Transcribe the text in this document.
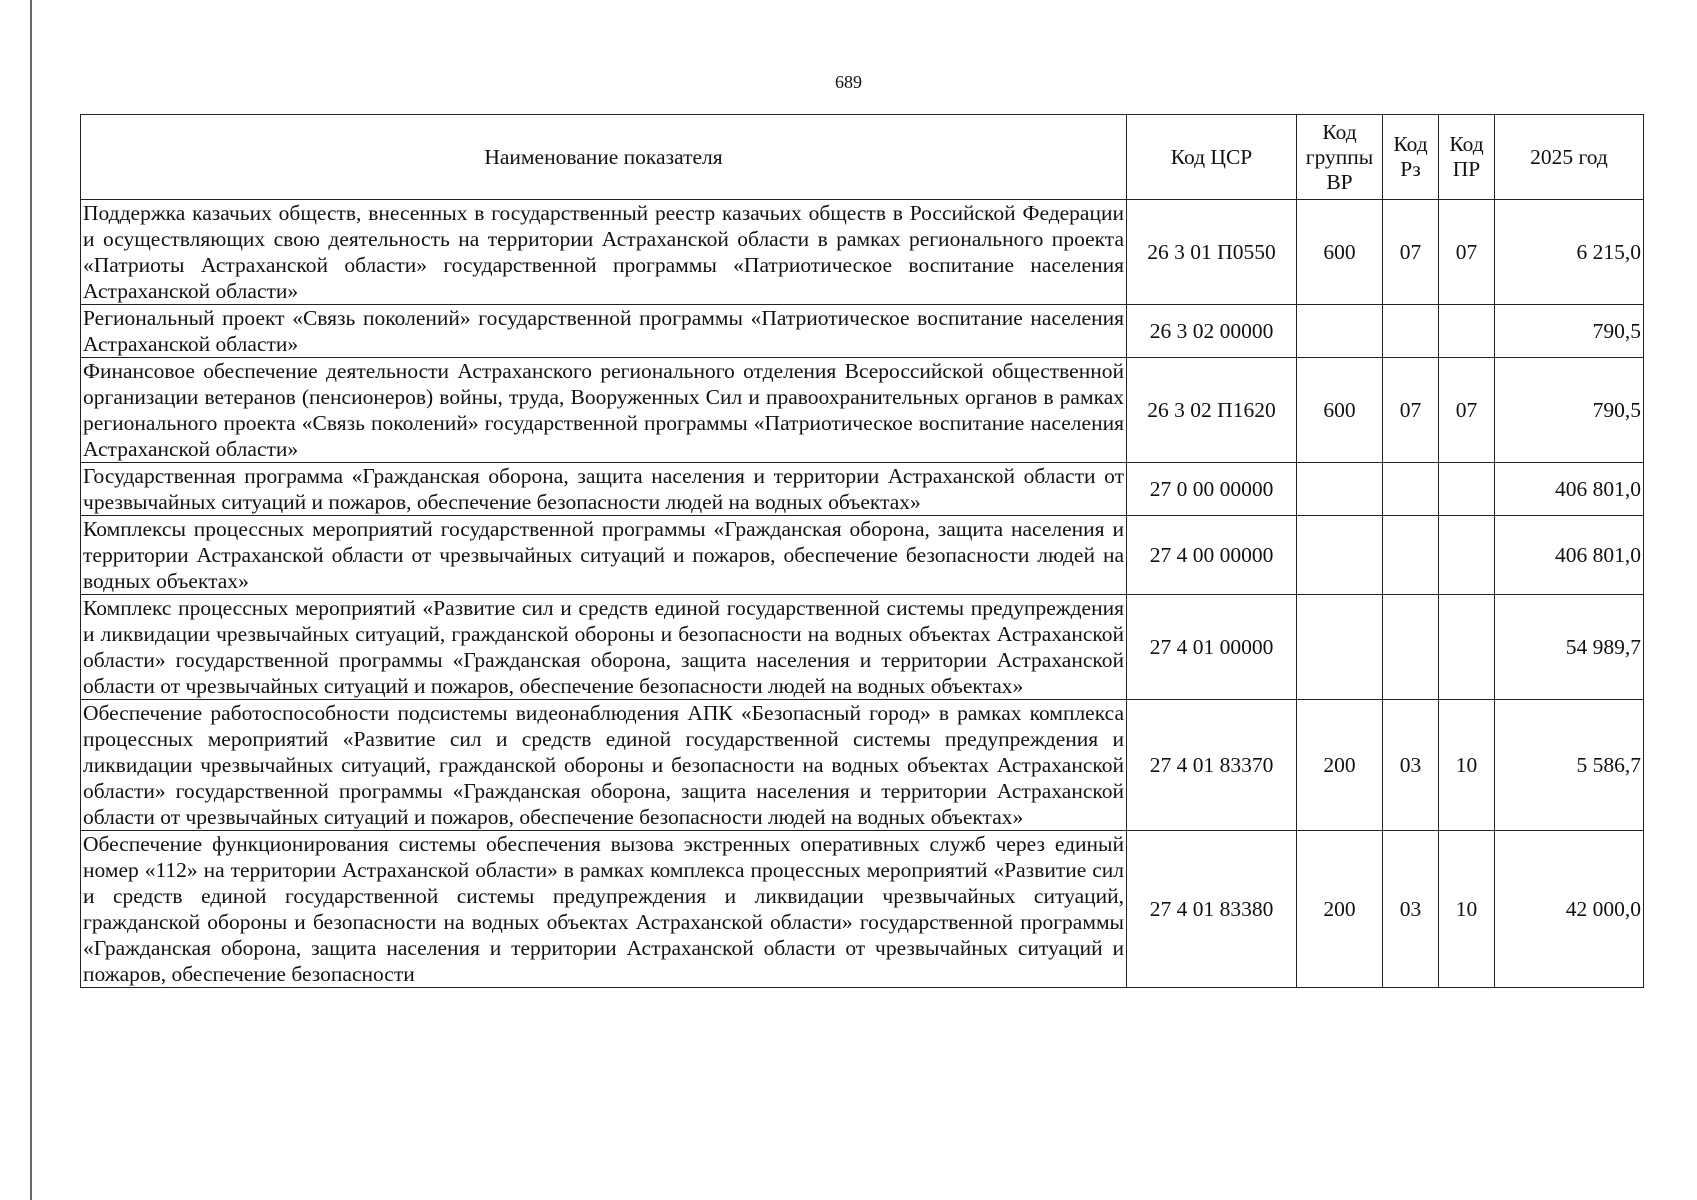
689
Наименование показателя	Код ЦСР	Код группы ВР	Код Рз	Код ПР	2025 год
Поддержка казачьих обществ, внесенных в государственный реестр казачьих обществ в Российской Федерации и осуществляющих свою деятельность на территории Астраханской области в рамках регионального проекта «Патриоты Астраханской области» государственной программы «Патриотическое воспитание населения Астраханской области»	26 3 01 П0550	600	07	07	6 215,0
Региональный проект «Связь поколений» государственной программы «Патриотическое воспитание населения Астраханской области»	26 3 02 00000				790,5
Финансовое обеспечение деятельности Астраханского регионального отделения Всероссийской общественной организации ветеранов (пенсионеров) войны, труда, Вооруженных Сил и правоохранительных органов в рамках регионального проекта «Связь поколений» государственной программы «Патриотическое воспитание населения Астраханской области»	26 3 02 П1620	600	07	07	790,5
Государственная программа «Гражданская оборона, защита населения и территории Астраханской области от чрезвычайных ситуаций и пожаров, обеспечение безопасности людей на водных объектах»	27 0 00 00000				406 801,0
Комплексы процессных мероприятий государственной программы «Гражданская оборона, защита населения и территории Астраханской области от чрезвычайных ситуаций и пожаров, обеспечение безопасности людей на водных объектах»	27 4 00 00000				406 801,0
Комплекс процессных мероприятий «Развитие сил и средств единой государственной системы предупреждения и ликвидации чрезвычайных ситуаций, гражданской обороны и безопасности на водных объектах Астраханской области» государственной программы «Гражданская оборона, защита населения и территории Астраханской области от чрезвычайных ситуаций и пожаров, обеспечение безопасности людей на водных объектах»	27 4 01 00000				54 989,7
Обеспечение работоспособности подсистемы видеонаблюдения АПК «Безопасный город» в рамках комплекса процессных мероприятий «Развитие сил и средств единой государственной системы предупреждения и ликвидации чрезвычайных ситуаций, гражданской обороны и безопасности на водных объектах Астраханской области» государственной программы «Гражданская оборона, защита населения и территории Астраханской области от чрезвычайных ситуаций и пожаров, обеспечение безопасности людей на водных объектах»	27 4 01 83370	200	03	10	5 586,7

Обеспечение функционирования системы обеспечения вызова экстренных оперативных служб через единый номер «112» на территории Астраханской области» в рамках комплекса процессных мероприятий «Развитие сил и средств единой государственной системы предупреждения и ликвидации чрезвычайных ситуаций, гражданской обороны и безопасности на водных объектах Астраханской области» государственной программы «Гражданская оборона, защита населения и территории Астраханской области от чрезвычайных ситуаций и пожаров, обеспечение безопасности	27 4 01 83380	200	03	10	42 000,0
